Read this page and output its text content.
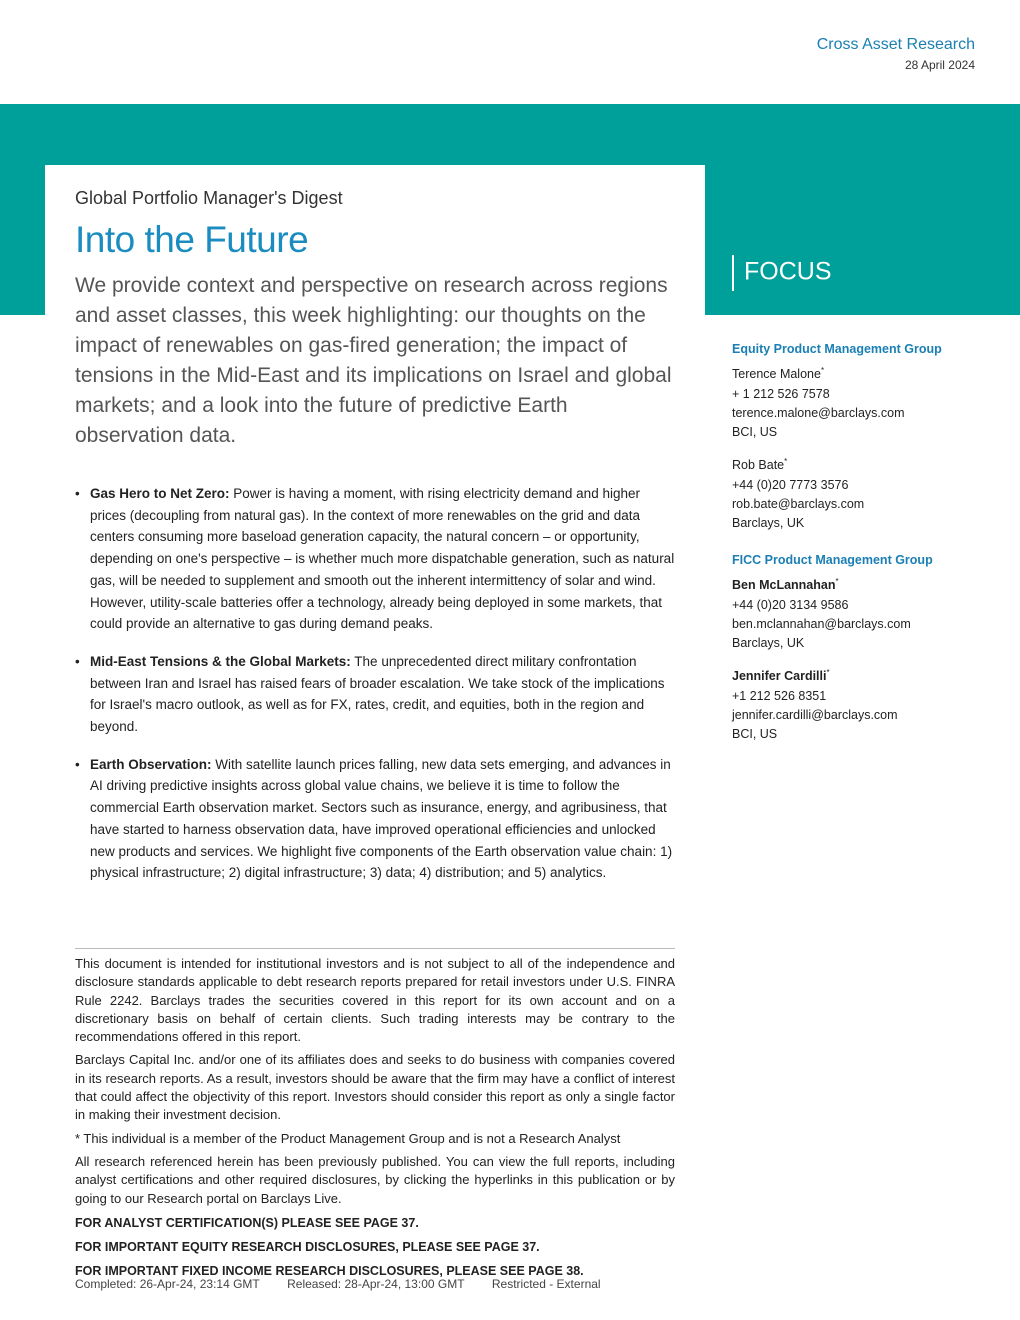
Cross Asset Research
28 April 2024
FOCUS

Global Portfolio Manager's Digest

Into the Future

We provide context and perspective on research across regions and asset classes, this week highlighting: our thoughts on the impact of renewables on gas-fired generation; the impact of tensions in the Mid-East and its implications on Israel and global markets; and a look into the future of predictive Earth observation data.

• Gas Hero to Net Zero: Power is having a moment, with rising electricity demand and higher prices (decoupling from natural gas). In the context of more renewables on the grid and data centers consuming more baseload generation capacity, the natural concern – or opportunity, depending on one's perspective – is whether much more dispatchable generation, such as natural gas, will be needed to supplement and smooth out the inherent intermittency of solar and wind. However, utility-scale batteries offer a technology, already being deployed in some markets, that could provide an alternative to gas during demand peaks.
• Mid-East Tensions & the Global Markets: The unprecedented direct military confrontation between Iran and Israel has raised fears of broader escalation. We take stock of the implications for Israel's macro outlook, as well as for FX, rates, credit, and equities, both in the region and beyond.
• Earth Observation: With satellite launch prices falling, new data sets emerging, and advances in AI driving predictive insights across global value chains, we believe it is time to follow the commercial Earth observation market. Sectors such as insurance, energy, and agribusiness, that have started to harness observation data, have improved operational efficiencies and unlocked new products and services. We highlight five components of the Earth observation value chain: 1) physical infrastructure; 2) digital infrastructure; 3) data; 4) distribution; and 5) analytics.

This document is intended for institutional investors and is not subject to all of the independence and disclosure standards applicable to debt research reports prepared for retail investors under U.S. FINRA Rule 2242. Barclays trades the securities covered in this report for its own account and on a discretionary basis on behalf of certain clients. Such trading interests may be contrary to the recommendations offered in this report.

Barclays Capital Inc. and/or one of its affiliates does and seeks to do business with companies covered in its research reports. As a result, investors should be aware that the firm may have a conflict of interest that could affect the objectivity of this report. Investors should consider this report as only a single factor in making their investment decision.

* This individual is a member of the Product Management Group and is not a Research Analyst

All research referenced herein has been previously published. You can view the full reports, including analyst certifications and other required disclosures, by clicking the hyperlinks in this publication or by going to our Research portal on Barclays Live.

FOR ANALYST CERTIFICATION(S) PLEASE SEE PAGE 37.

FOR IMPORTANT EQUITY RESEARCH DISCLOSURES, PLEASE SEE PAGE 37.

FOR IMPORTANT FIXED INCOME RESEARCH DISCLOSURES, PLEASE SEE PAGE 38.

Completed: 26-Apr-24, 23:14 GMT Released: 28-Apr-24, 13:00 GMT Restricted - External
Equity Product Management Group
Terence Malone*
+ 1 212 526 7578
terence.malone@barclays.com
BCI, US
Rob Bate*
+44 (0)20 7773 3576
rob.bate@barclays.com
Barclays, UK
FICC Product Management Group
Ben McLannahan*
+44 (0)20 3134 9586
ben.mclannahan@barclays.com
Barclays, UK
Jennifer Cardilli*
+1 212 526 8351
jennifer.cardilli@barclays.com
BCI, US
